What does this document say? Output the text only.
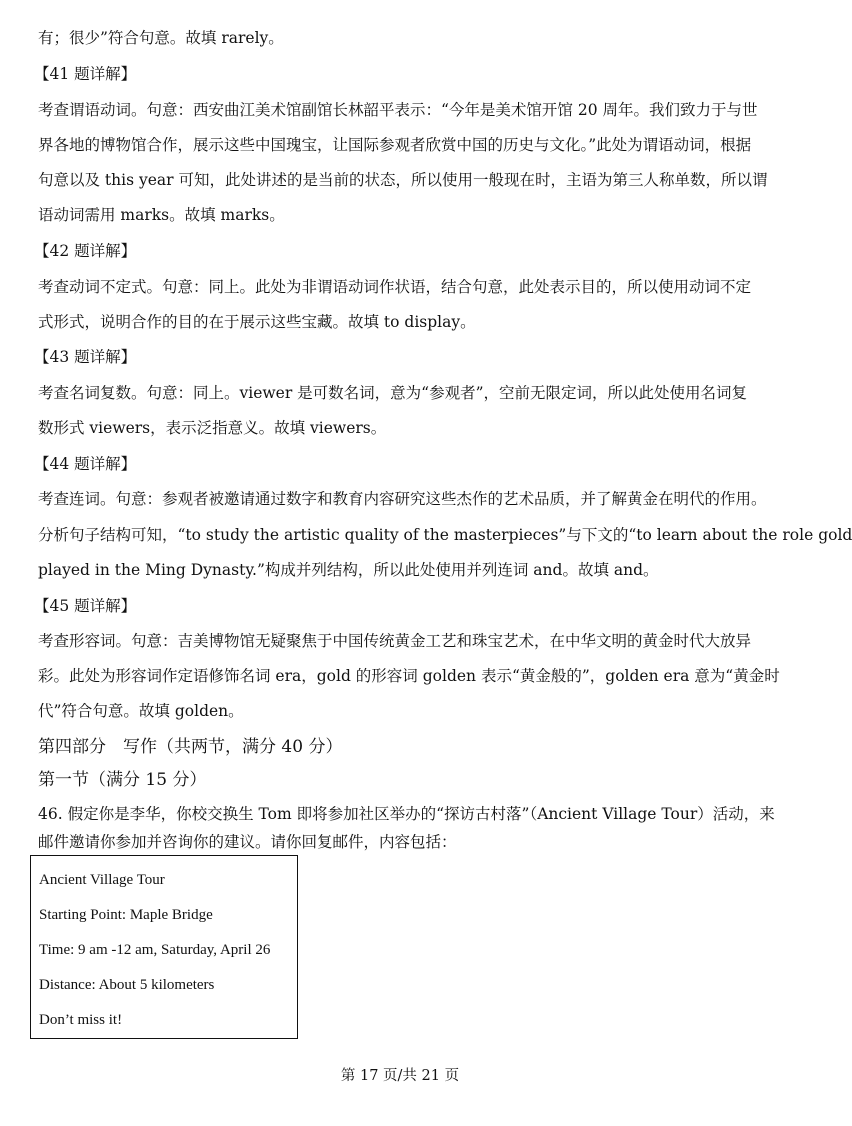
有；很少”符合句意。故填 rarely。
【41 题详解】
考查谓语动词。句意：西安曲江美术馆副馆长林韶平表示：“今年是美术馆开馆 20 周年。我们致力于与世
界各地的博物馆合作，展示这些中国瑰宝，让国际参观者欣赏中国的历史与文化。”此处为谓语动词，根据
句意以及 this year 可知，此处讲述的是当前的状态，所以使用一般现在时，主语为第三人称单数，所以谓
语动词需用 marks。故填 marks。
【42 题详解】
考查动词不定式。句意：同上。此处为非谓语动词作状语，结合句意，此处表示目的，所以使用动词不定
式形式，说明合作的目的在于展示这些宝藏。故填 to display。
【43 题详解】
考查名词复数。句意：同上。viewer 是可数名词，意为“参观者”，空前无限定词，所以此处使用名词复
数形式 viewers，表示泛指意义。故填 viewers。
【44 题详解】
考查连词。句意：参观者被邀请通过数字和教育内容研究这些杰作的艺术品质，并了解黄金在明代的作用。
分析句子结构可知，“to study the artistic quality of the masterpieces”与下文的“to learn about the role gold
played in the Ming Dynasty.”构成并列结构，所以此处使用并列连词 and。故填 and。
【45 题详解】
考查形容词。句意：吉美博物馆无疑聚焦于中国传统黄金工艺和珠宝艺术，在中华文明的黄金时代大放异
彩。此处为形容词作定语修饰名词 era，gold 的形容词 golden 表示“黄金般的”，golden era 意为“黄金时
代”符合句意。故填 golden。
第四部分　写作（共两节，满分 40 分）
第一节（满分 15 分）
46. 假定你是李华，你校交换生 Tom 即将参加社区举办的“探访古村落”（Ancient Village Tour）活动，来
邮件邀请你参加并咨询你的建议。请你回复邮件，内容包括：
Ancient Village Tour
Starting Point: Maple Bridge
Time: 9 am -12 am, Saturday, April 26
Distance: About 5 kilometers
Don’t miss it!
第 17 页/共 21 页
